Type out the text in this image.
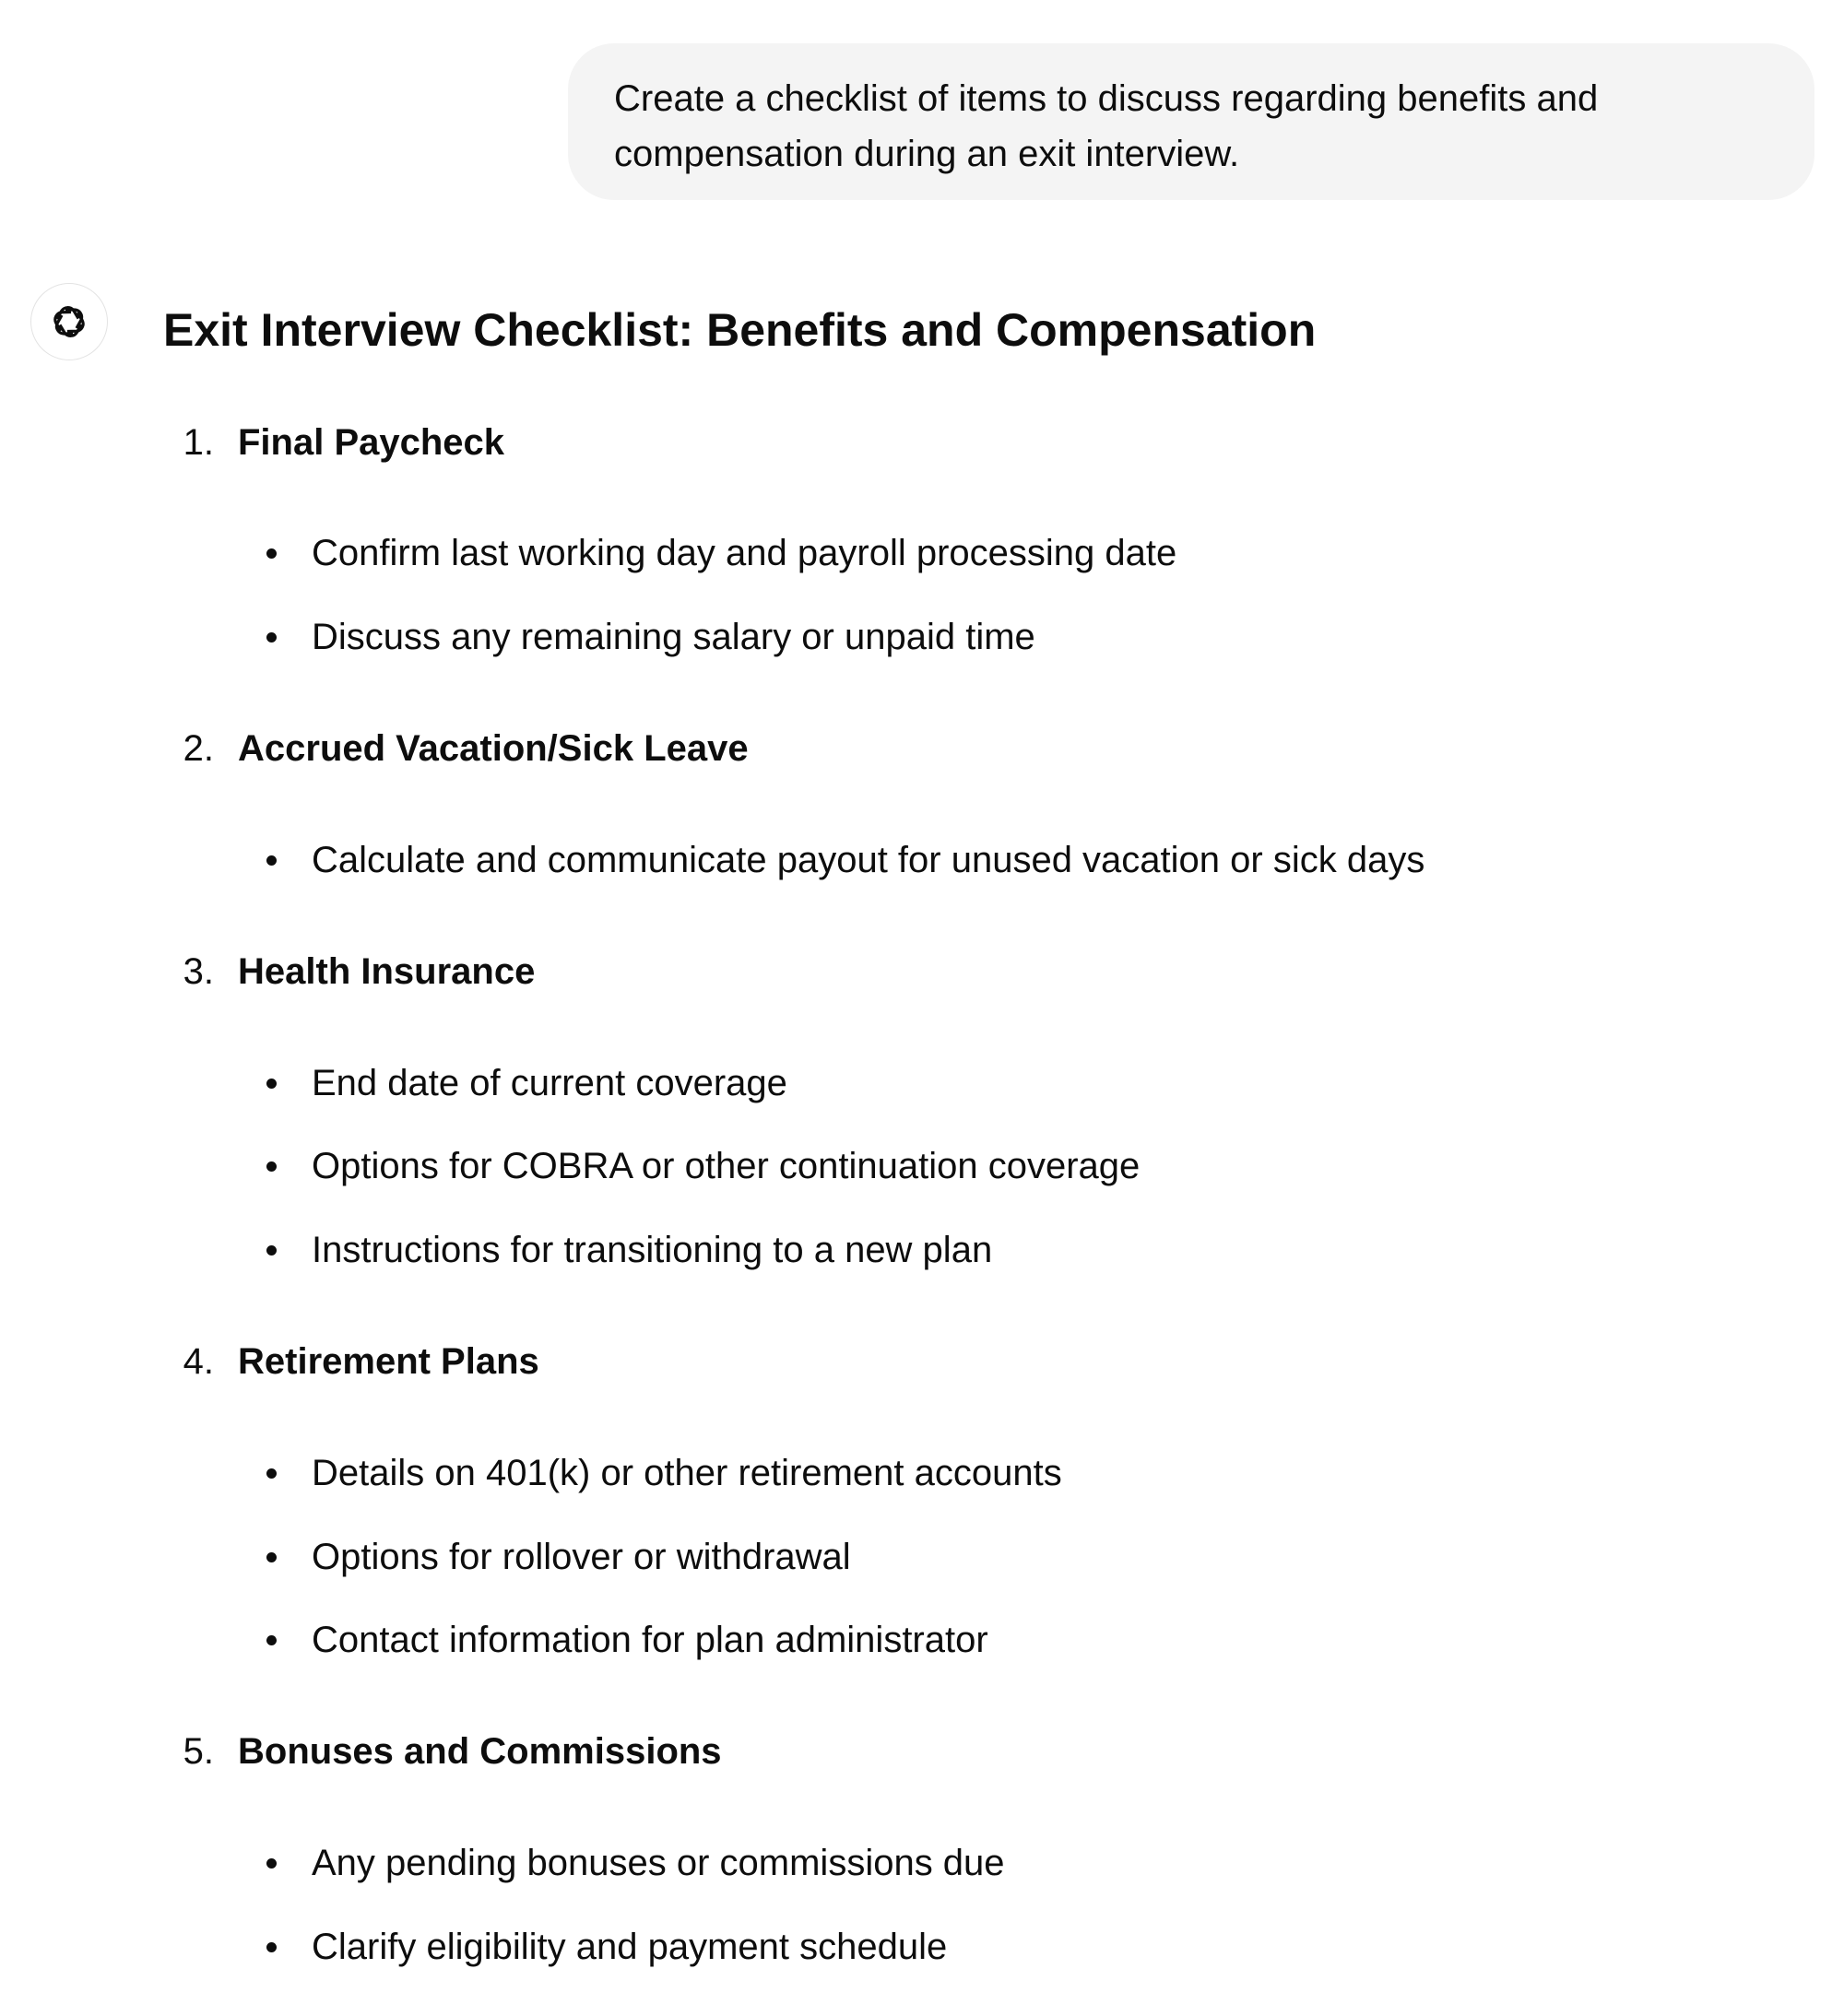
Create a checklist of items to discuss regarding benefits and compensation during an exit interview.
Exit Interview Checklist: Benefits and Compensation
1. Final Paycheck
Confirm last working day and payroll processing date
Discuss any remaining salary or unpaid time
2. Accrued Vacation/Sick Leave
Calculate and communicate payout for unused vacation or sick days
3. Health Insurance
End date of current coverage
Options for COBRA or other continuation coverage
Instructions for transitioning to a new plan
4. Retirement Plans
Details on 401(k) or other retirement accounts
Options for rollover or withdrawal
Contact information for plan administrator
5. Bonuses and Commissions
Any pending bonuses or commissions due
Clarify eligibility and payment schedule
